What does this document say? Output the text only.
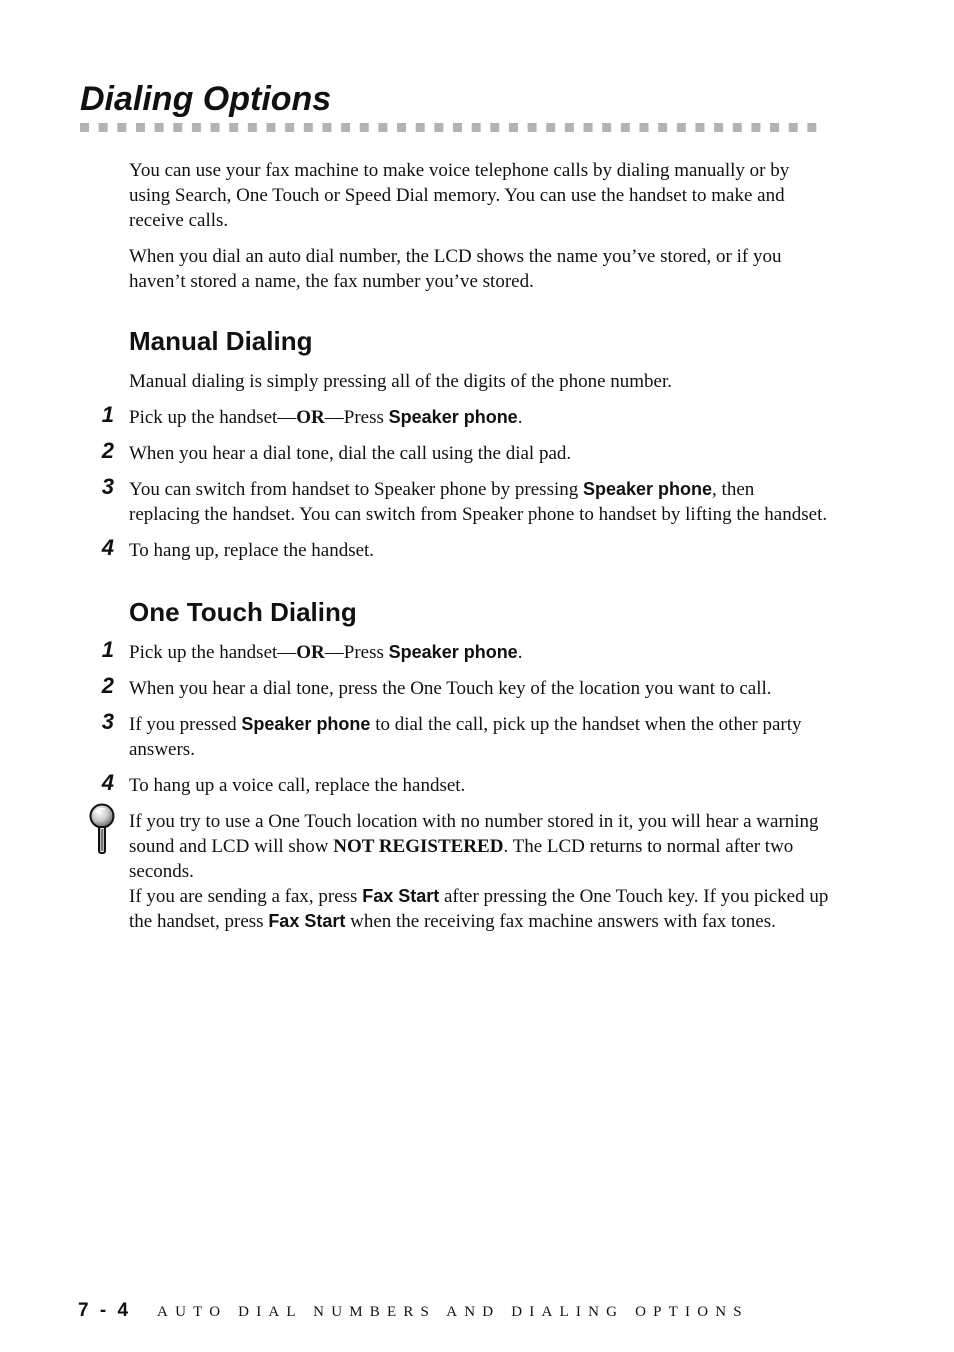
Dialing Options

You can use your fax machine to make voice telephone calls by dialing manually or by using Search, One Touch or Speed Dial memory. You can use the handset to make and receive calls.

When you dial an auto dial number, the LCD shows the name you’ve stored, or if you haven’t stored a name, the fax number you’ve stored.

Manual Dialing

Manual dialing is simply pressing all of the digits of the phone number.

1 Pick up the handset—OR—Press Speaker phone.

2 When you hear a dial tone, dial the call using the dial pad.

3 You can switch from handset to Speaker phone by pressing Speaker phone, then replacing the handset. You can switch from Speaker phone to handset by lifting the handset.

4 To hang up, replace the handset.

One Touch Dialing
1 Pick up the handset—OR—Press Speaker phone.

2 When you hear a dial tone, press the One Touch key of the location you want to call.

3 If you pressed Speaker phone to dial the call, pick up the handset when the other party answers.

4 To hang up a voice call, replace the handset.

If you try to use a One Touch location with no number stored in it, you will hear a warning sound and LCD will show NOT REGISTERED. The LCD returns to normal after two seconds.

If you are sending a fax, press Fax Start after pressing the One Touch key. If you picked up the handset, press Fax Start when the receiving fax machine answers with fax tones.

7 - 4 AUTO DIAL NUMBERS AND DIALING OPTIONS
